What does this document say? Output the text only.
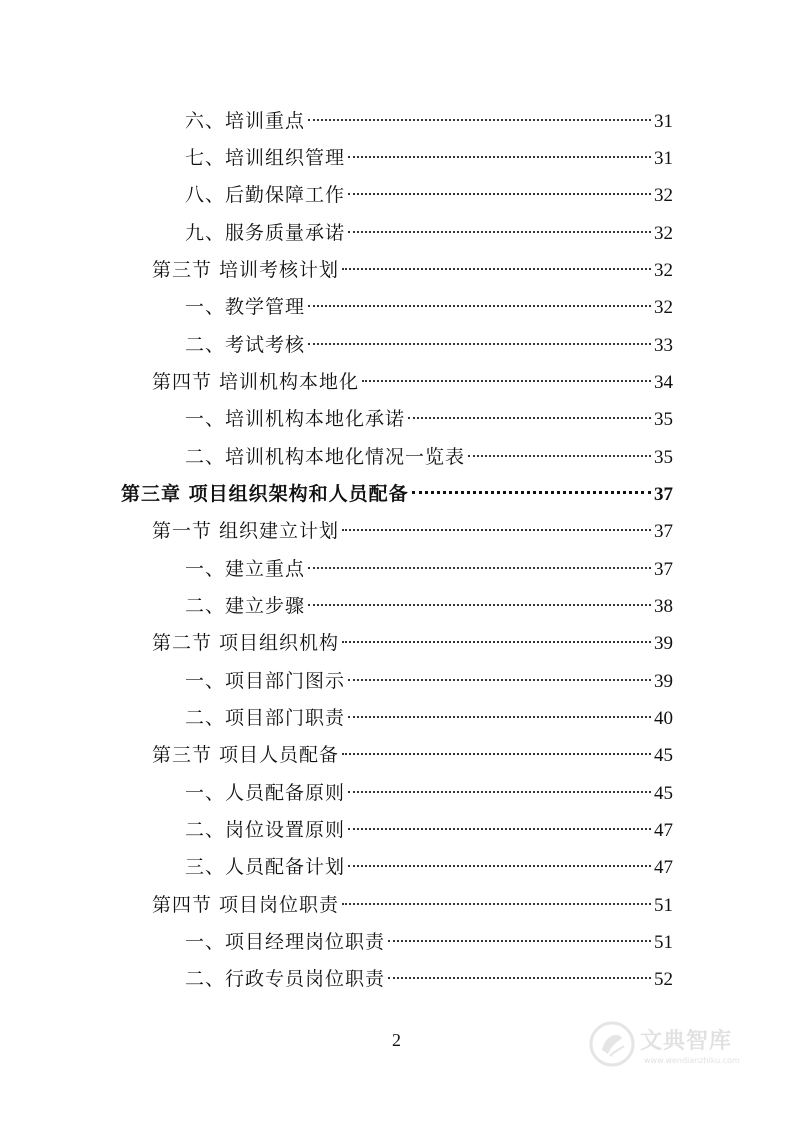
六、培训重点	31
七、培训组织管理	31
八、后勤保障工作	32
九、服务质量承诺	32
第三节 培训考核计划	32
一、教学管理	32
二、考试考核	33
第四节 培训机构本地化	34
一、培训机构本地化承诺	35
二、培训机构本地化情况一览表	35
第三章 项目组织架构和人员配备	37
第一节 组织建立计划	37
一、建立重点	37
二、建立步骤	38
第二节 项目组织机构	39
一、项目部门图示	39
二、项目部门职责	40
第三节 项目人员配备	45
一、人员配备原则	45
二、岗位设置原则	47
三、人员配备计划	47
第四节 项目岗位职责	51
一、项目经理岗位职责	51
二、行政专员岗位职责	52
2	文典智库
www.wendianzhiku.com
